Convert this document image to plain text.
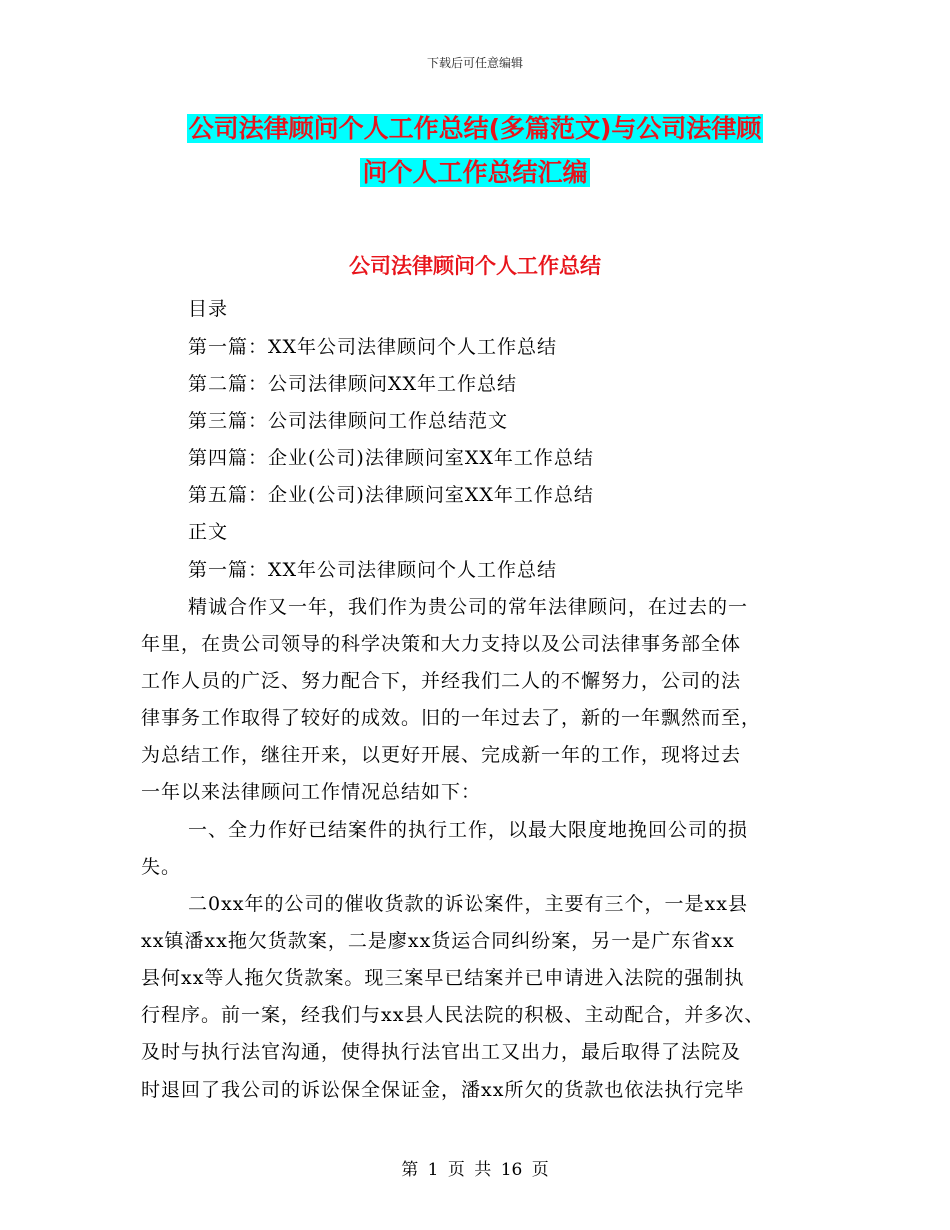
下载后可任意编辑
公司法律顾问个人工作总结(多篇范文)与公司法律顾
问个人工作总结汇编
公司法律顾问个人工作总结
目录
第一篇：XX年公司法律顾问个人工作总结
第二篇：公司法律顾问XX年工作总结
第三篇：公司法律顾问工作总结范文
第四篇：企业(公司)法律顾问室XX年工作总结
第五篇：企业(公司)法律顾问室XX年工作总结
正文
第一篇：XX年公司法律顾问个人工作总结
精诚合作又一年，我们作为贵公司的常年法律顾问，在过去的一
年里，在贵公司领导的科学决策和大力支持以及公司法律事务部全体
工作人员的广泛、努力配合下，并经我们二人的不懈努力，公司的法
律事务工作取得了较好的成效。旧的一年过去了，新的一年飘然而至，
为总结工作，继往开来，以更好开展、完成新一年的工作，现将过去
一年以来法律顾问工作情况总结如下：
一、全力作好已结案件的执行工作，以最大限度地挽回公司的损
失。
二0xx年的公司的催收货款的诉讼案件，主要有三个，一是xx县
xx镇潘xx拖欠货款案，二是廖xx货运合同纠纷案，另一是广东省xx
县何xx等人拖欠货款案。现三案早已结案并已申请进入法院的强制执
行程序。前一案，经我们与xx县人民法院的积极、主动配合，并多次、
及时与执行法官沟通，使得执行法官出工又出力，最后取得了法院及
时退回了我公司的诉讼保全保证金，潘xx所欠的货款也依法执行完毕
第 1 页 共 16 页
